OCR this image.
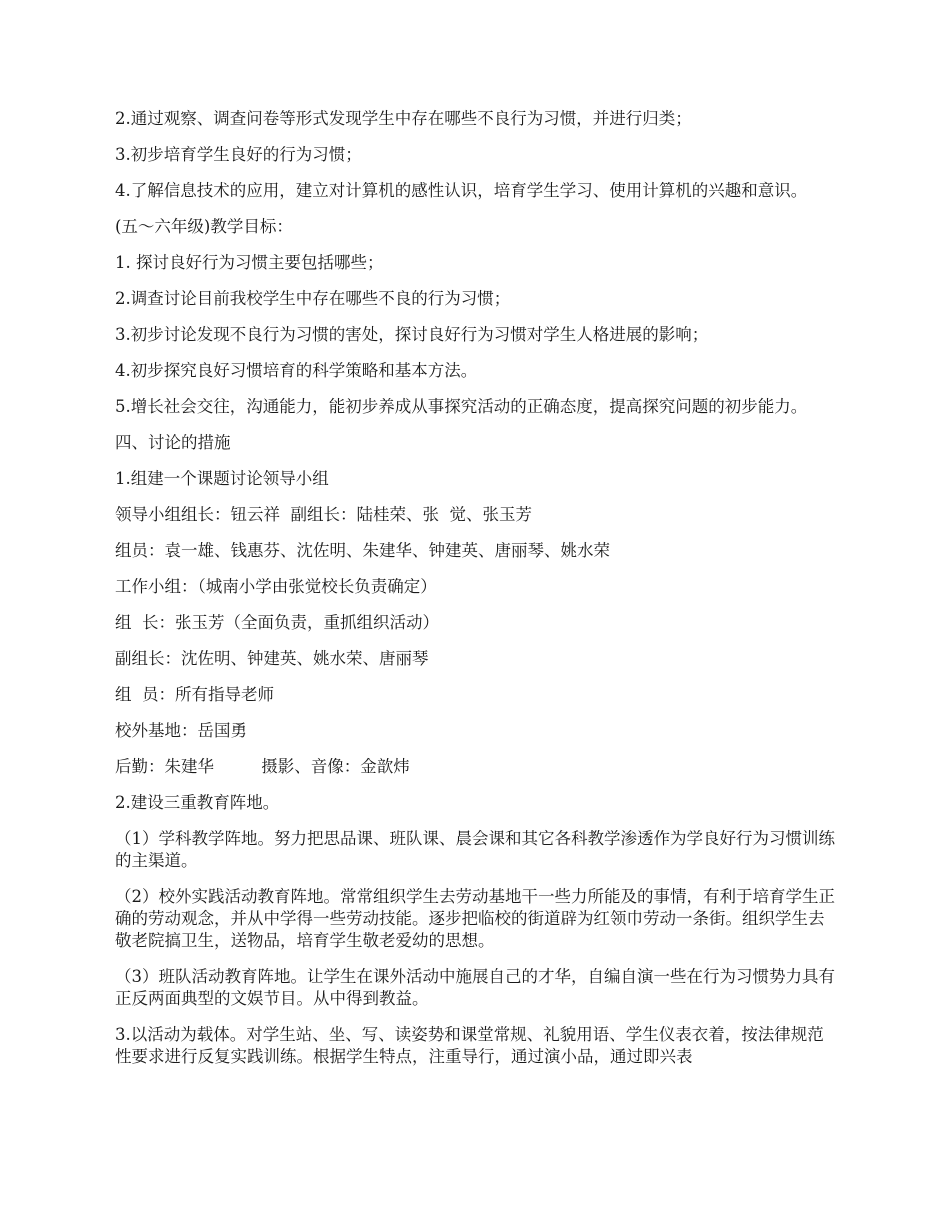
2.通过观察、调查问卷等形式发现学生中存在哪些不良行为习惯，并进行归类；

3.初步培育学生良好的行为习惯；

4.了解信息技术的应用，建立对计算机的感性认识，培育学生学习、使用计算机的兴趣和意识。

(五～六年级)教学目标：

1. 探讨良好行为习惯主要包括哪些；

2.调查讨论目前我校学生中存在哪些不良的行为习惯；

3.初步讨论发现不良行为习惯的害处，探讨良好行为习惯对学生人格进展的影响；

4.初步探究良好习惯培育的科学策略和基本方法。

5.增长社会交往，沟通能力，能初步养成从事探究活动的正确态度，提高探究问题的初步能力。

四、讨论的措施

1.组建一个课题讨论领导小组

领导小组组长：钮云祥  副组长：陆桂荣、张  觉、张玉芳

组员：袁一雄、钱惠芬、沈佐明、朱建华、钟建英、唐丽琴、姚水荣

工作小组：（城南小学由张觉校长负责确定）

组  长：张玉芳（全面负责，重抓组织活动）

副组长：沈佐明、钟建英、姚水荣、唐丽琴

组  员：所有指导老师

校外基地：岳国勇

后勤：朱建华         摄影、音像：金歆炜

2.建设三重教育阵地。

（1）学科教学阵地。努力把思品课、班队课、晨会课和其它各科教学渗透作为学良好行为习惯训练的主渠道。

（2）校外实践活动教育阵地。常常组织学生去劳动基地干一些力所能及的事情，有利于培育学生正确的劳动观念，并从中学得一些劳动技能。逐步把临校的街道辟为红领巾劳动一条街。组织学生去敬老院搞卫生，送物品，培育学生敬老爱幼的思想。

（3）班队活动教育阵地。让学生在课外活动中施展自己的才华，自编自演一些在行为习惯势力具有正反两面典型的文娱节目。从中得到教益。

3.以活动为载体。对学生站、坐、写、读姿势和课堂常规、礼貌用语、学生仪表衣着，按法律规范性要求进行反复实践训练。根据学生特点，注重导行，通过演小品，通过即兴表
